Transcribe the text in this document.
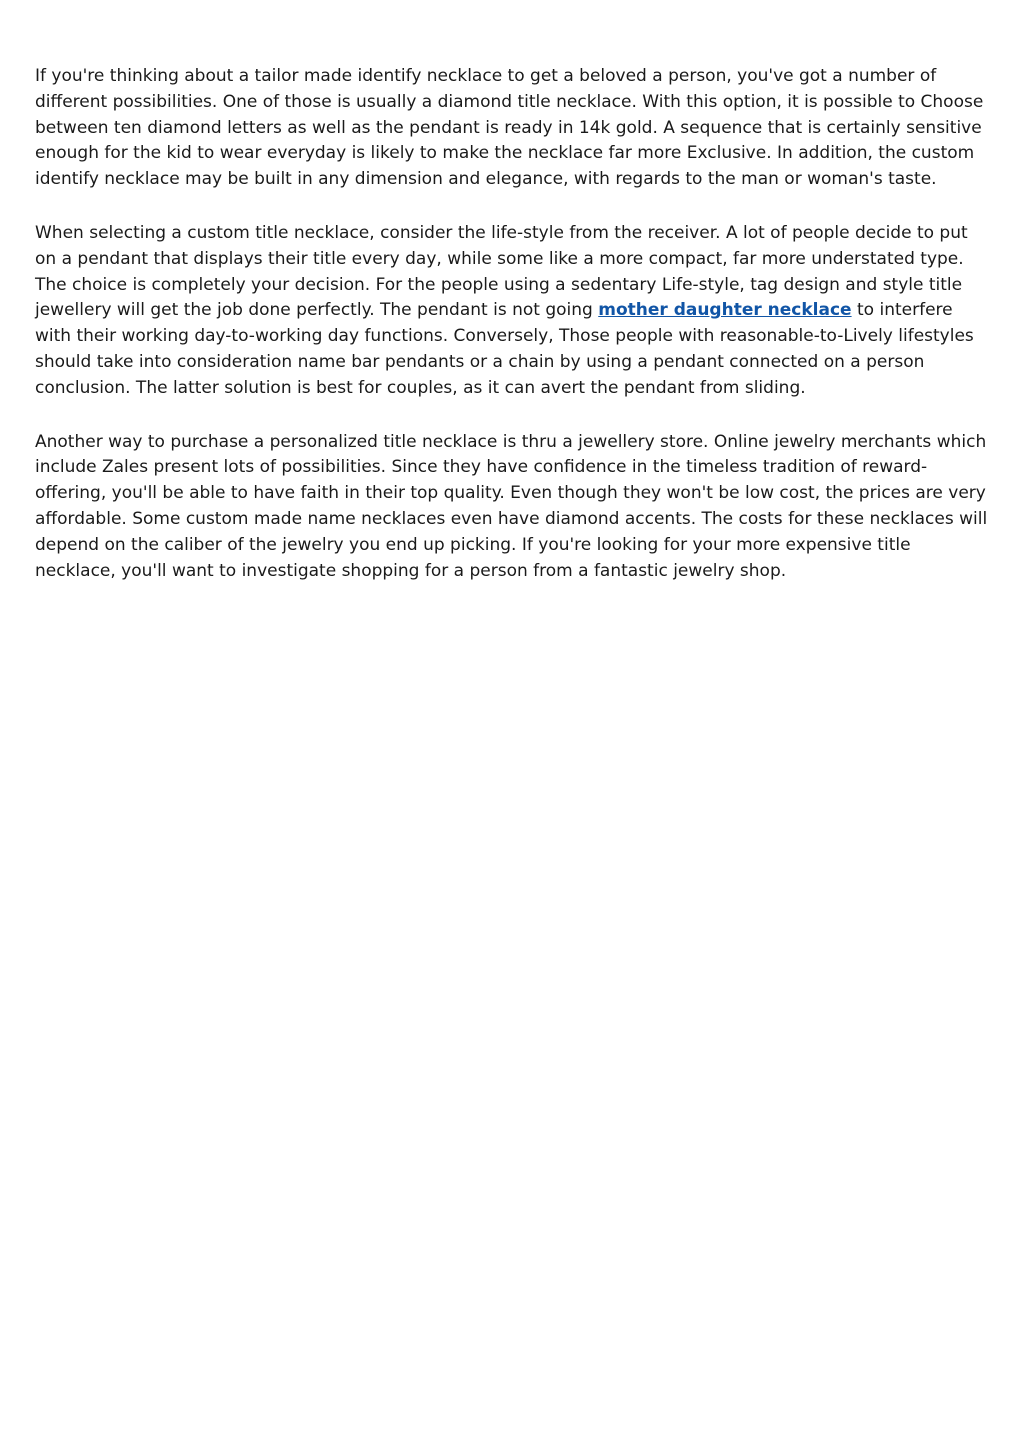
If you're thinking about a tailor made identify necklace to get a beloved a person, you've got a number of different possibilities. One of those is usually a diamond title necklace. With this option, it is possible to Choose between ten diamond letters as well as the pendant is ready in 14k gold. A sequence that is certainly sensitive enough for the kid to wear everyday is likely to make the necklace far more Exclusive. In addition, the custom identify necklace may be built in any dimension and elegance, with regards to the man or woman's taste.

When selecting a custom title necklace, consider the life-style from the receiver. A lot of people decide to put on a pendant that displays their title every day, while some like a more compact, far more understated type. The choice is completely your decision. For the people using a sedentary Life-style, tag design and style title jewellery will get the job done perfectly. The pendant is not going mother daughter necklace to interfere with their working day-to-working day functions. Conversely, Those people with reasonable-to-Lively lifestyles should take into consideration name bar pendants or a chain by using a pendant connected on a person conclusion. The latter solution is best for couples, as it can avert the pendant from sliding.

Another way to purchase a personalized title necklace is thru a jewellery store. Online jewelry merchants which include Zales present lots of possibilities. Since they have confidence in the timeless tradition of reward-offering, you'll be able to have faith in their top quality. Even though they won't be low cost, the prices are very affordable. Some custom made name necklaces even have diamond accents. The costs for these necklaces will depend on the caliber of the jewelry you end up picking. If you're looking for your more expensive title necklace, you'll want to investigate shopping for a person from a fantastic jewelry shop.
